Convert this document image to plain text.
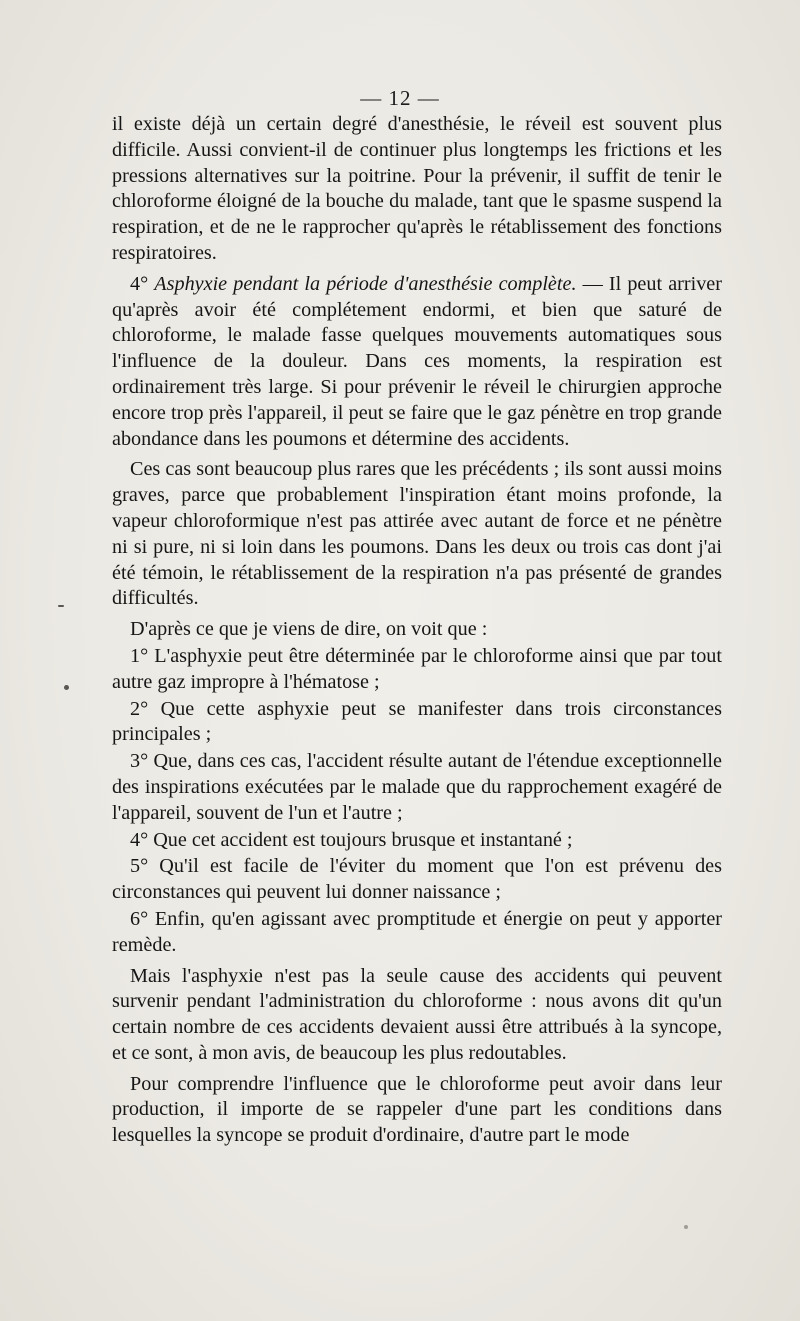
— 12 —

il existe déjà un certain degré d'anesthésie, le réveil est souvent plus difficile. Aussi convient-il de continuer plus longtemps les frictions et les pressions alternatives sur la poitrine. Pour la prévenir, il suffit de tenir le chloroforme éloigné de la bouche du malade, tant que le spasme suspend la respiration, et de ne le rapprocher qu'après le rétablissement des fonctions respiratoires.

4° Asphyxie pendant la période d'anesthésie complète. — Il peut arriver qu'après avoir été complétement endormi, et bien que saturé de chloroforme, le malade fasse quelques mouvements automatiques sous l'influence de la douleur. Dans ces moments, la respiration est ordinairement très large. Si pour prévenir le réveil le chirurgien approche encore trop près l'appareil, il peut se faire que le gaz pénètre en trop grande abondance dans les poumons et détermine des accidents.

Ces cas sont beaucoup plus rares que les précédents ; ils sont aussi moins graves, parce que probablement l'inspiration étant moins profonde, la vapeur chloroformique n'est pas attirée avec autant de force et ne pénètre ni si pure, ni si loin dans les poumons. Dans les deux ou trois cas dont j'ai été témoin, le rétablissement de la respiration n'a pas présenté de grandes difficultés.

D'après ce que je viens de dire, on voit que :

1° L'asphyxie peut être déterminée par le chloroforme ainsi que par tout autre gaz impropre à l'hématose ;

2° Que cette asphyxie peut se manifester dans trois circonstances principales ;

3° Que, dans ces cas, l'accident résulte autant de l'étendue exceptionnelle des inspirations exécutées par le malade que du rapprochement exagéré de l'appareil, souvent de l'un et l'autre ;

4° Que cet accident est toujours brusque et instantané ;

5° Qu'il est facile de l'éviter du moment que l'on est prévenu des circonstances qui peuvent lui donner naissance ;

6° Enfin, qu'en agissant avec promptitude et énergie on peut y apporter remède.

Mais l'asphyxie n'est pas la seule cause des accidents qui peuvent survenir pendant l'administration du chloroforme : nous avons dit qu'un certain nombre de ces accidents devaient aussi être attribués à la syncope, et ce sont, à mon avis, de beaucoup les plus redoutables.

Pour comprendre l'influence que le chloroforme peut avoir dans leur production, il importe de se rappeler d'une part les conditions dans lesquelles la syncope se produit d'ordinaire, d'autre part le mode
